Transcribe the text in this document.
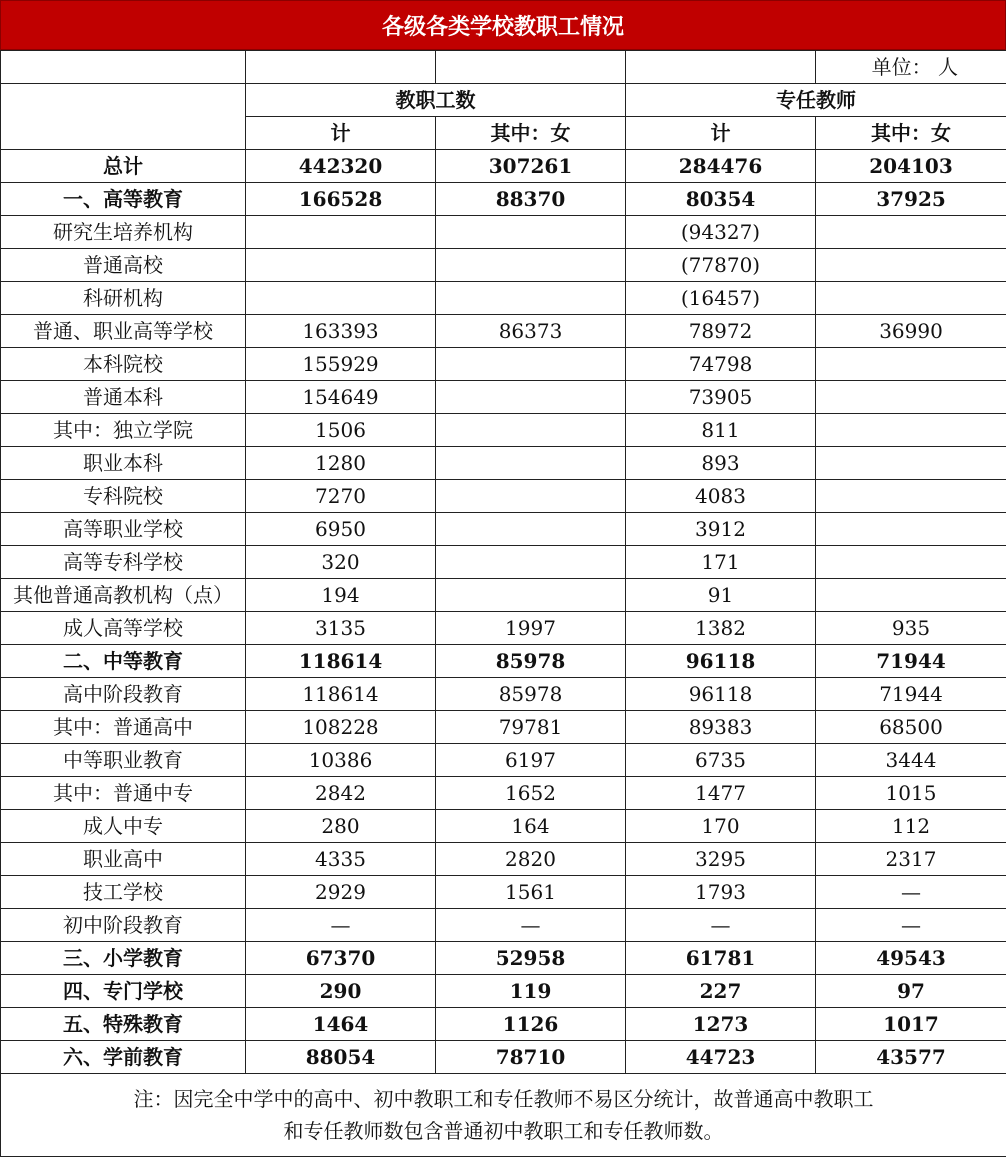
各级各类学校教职工情况
				单位： 人
	教职工数		专任教师	
	计	其中：女	计	其中：女
总计	442320	307261	284476	204103
一、高等教育	166528	88370	80354	37925
研究生培养机构			(94327)	
普通高校			(77870)	
科研机构			(16457)	
普通、职业高等学校	163393	86373	78972	36990
本科院校	155929		74798	
普通本科	154649		73905	
其中：独立学院	1506		811	
职业本科	1280		893	
专科院校	7270		4083	
高等职业学校	6950		3912	
高等专科学校	320		171	
其他普通高教机构（点）	194		91	
成人高等学校	3135	1997	1382	935
二、中等教育	118614	85978	96118	71944
高中阶段教育	118614	85978	96118	71944
其中：普通高中	108228	79781	89383	68500
中等职业教育	10386	6197	6735	3444
其中：普通中专	2842	1652	1477	1015
成人中专	280	164	170	112
职业高中	4335	2820	3295	2317
技工学校	2929	1561	1793	—
初中阶段教育	—	—	—	—
三、小学教育	67370	52958	61781	49543
四、专门学校	290	119	227	97
五、特殊教育	1464	1126	1273	1017
六、学前教育	88054	78710	44723	43577

注：因完全中学中的高中、初中教职工和专任教师不易区分统计，故普通高中教职工
和专任教师数包含普通初中教职工和专任教师数。				
